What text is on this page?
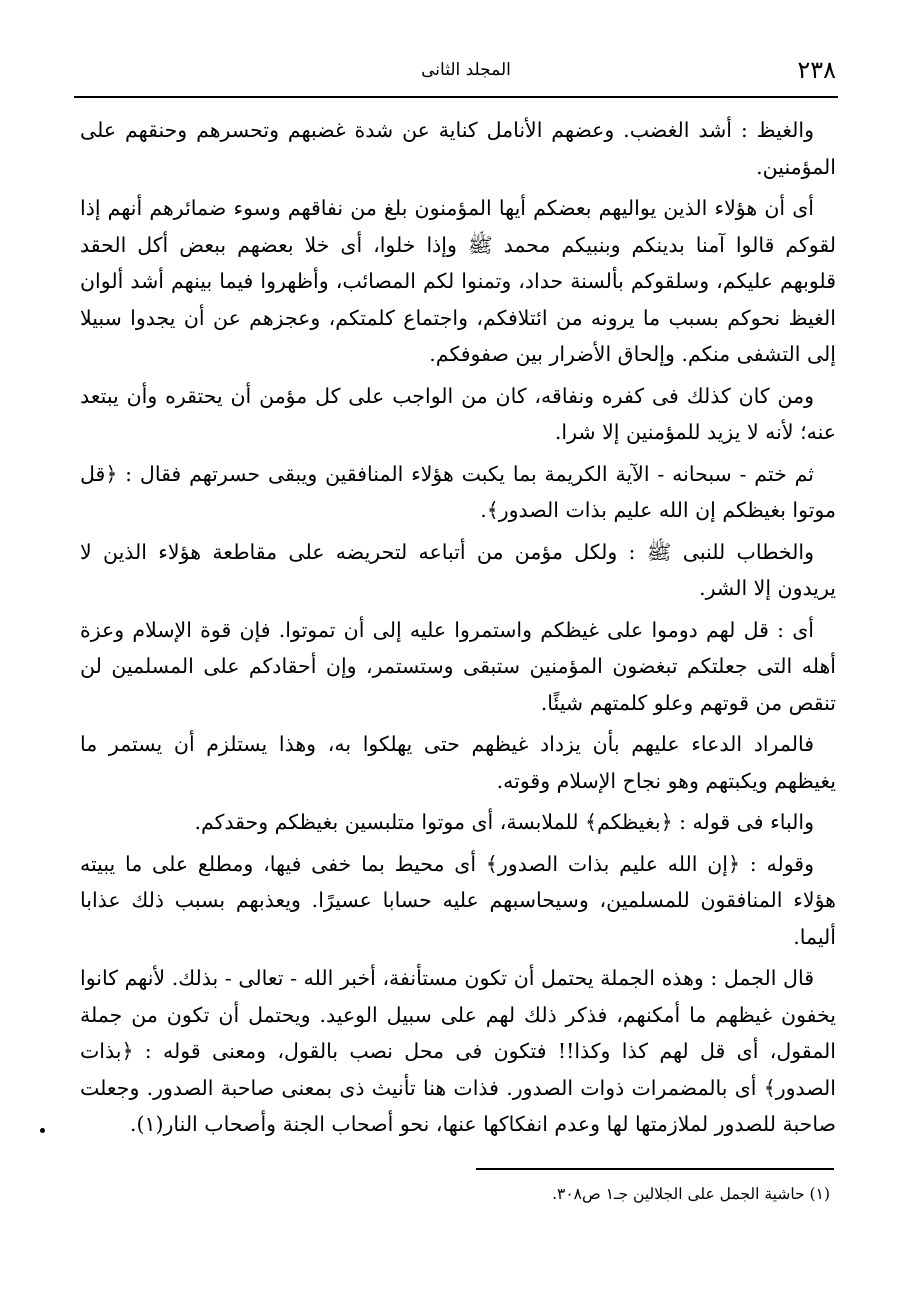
٢٣٨
المجلد الثانى

والغيظ : أشد الغضب. وعضهم الأنامل كناية عن شدة غضبهم وتحسرهم وحنقهم على المؤمنين.

أى أن هؤلاء الذين يواليهم بعضكم أيها المؤمنون بلغ من نفاقهم وسوء ضمائرهم أنهم إذا لقوكم قالوا آمنا بدينكم وبنبيكم محمد ﷺ وإذا خلوا، أى خلا بعضهم ببعض أكل الحقد قلوبهم عليكم، وسلقوكم بألسنة حداد، وتمنوا لكم المصائب، وأظهروا فيما بينهم أشد ألوان الغيظ نحوكم بسبب ما يرونه من ائتلافكم، واجتماع كلمتكم، وعجزهم عن أن يجدوا سبيلا إلى التشفى منكم. وإلحاق الأضرار بين صفوفكم.

ومن كان كذلك فى كفره ونفاقه، كان من الواجب على كل مؤمن أن يحتقره وأن يبتعد عنه؛ لأنه لا يزيد للمؤمنين إلا شرا.

ثم ختم - سبحانه - الآية الكريمة بما يكبت هؤلاء المنافقين ويبقى حسرتهم فقال : ﴿قل موتوا بغيظكم إن الله عليم بذات الصدور﴾.

والخطاب للنبى ﷺ : ولكل مؤمن من أتباعه لتحريضه على مقاطعة هؤلاء الذين لا يريدون إلا الشر.

أى : قل لهم دوموا على غيظكم واستمروا عليه إلى أن تموتوا. فإن قوة الإسلام وعزة أهله التى جعلتكم تبغضون المؤمنين ستبقى وستستمر، وإن أحقادكم على المسلمين لن تنقص من قوتهم وعلو كلمتهم شيئًا.

فالمراد الدعاء عليهم بأن يزداد غيظهم حتى يهلكوا به، وهذا يستلزم أن يستمر ما يغيظهم ويكبتهم وهو نجاح الإسلام وقوته.

والباء فى قوله : ﴿بغيظكم﴾ للملابسة، أى موتوا متلبسين بغيظكم وحقدكم.

وقوله : ﴿إن الله عليم بذات الصدور﴾ أى محيط بما خفى فيها، ومطلع على ما يبيته هؤلاء المنافقون للمسلمين، وسيحاسبهم عليه حسابا عسيرًا. ويعذبهم بسبب ذلك عذابا أليما.

قال الجمل : وهذه الجملة يحتمل أن تكون مستأنفة، أخبر الله - تعالى - بذلك. لأنهم كانوا يخفون غيظهم ما أمكنهم، فذكر ذلك لهم على سبيل الوعيد. ويحتمل أن تكون من جملة المقول، أى قل لهم كذا وكذا!! فتكون فى محل نصب بالقول، ومعنى قوله : ﴿بذات الصدور﴾ أى بالمضمرات ذوات الصدور. فذات هنا تأنيث ذى بمعنى صاحبة الصدور. وجعلت صاحبة للصدور لملازمتها لها وعدم انفكاكها عنها، نحو أصحاب الجنة وأصحاب النار(١).

(١) حاشية الجمل على الجلالين جـ١ ص٣٠٨.
